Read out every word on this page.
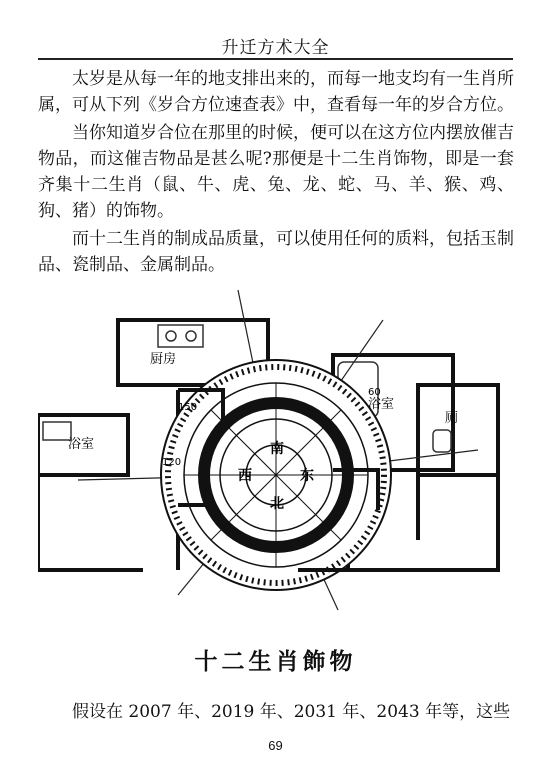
升迁方术大全

太岁是从每一年的地支排出来的，而每一地支均有一生肖所属，可从下列《岁合方位速查表》中，查看每一年的岁合方位。

当你知道岁合位在那里的时候，便可以在这方位内摆放催吉物品，而这催吉物品是甚么呢?那便是十二生肖饰物，即是一套齐集十二生肖（鼠、牛、虎、兔、龙、蛇、马、羊、猴、鸡、狗、猪）的饰物。

而十二生肖的制成品质量，可以使用任何的质料，包括玉制品、瓷制品、金属制品。

厨房
浴室
厕
浴室
北
南
东
西
150
120
60
十二生肖飾物
假设在 2007 年、2019 年、2031 年、2043 年等，这些
69
